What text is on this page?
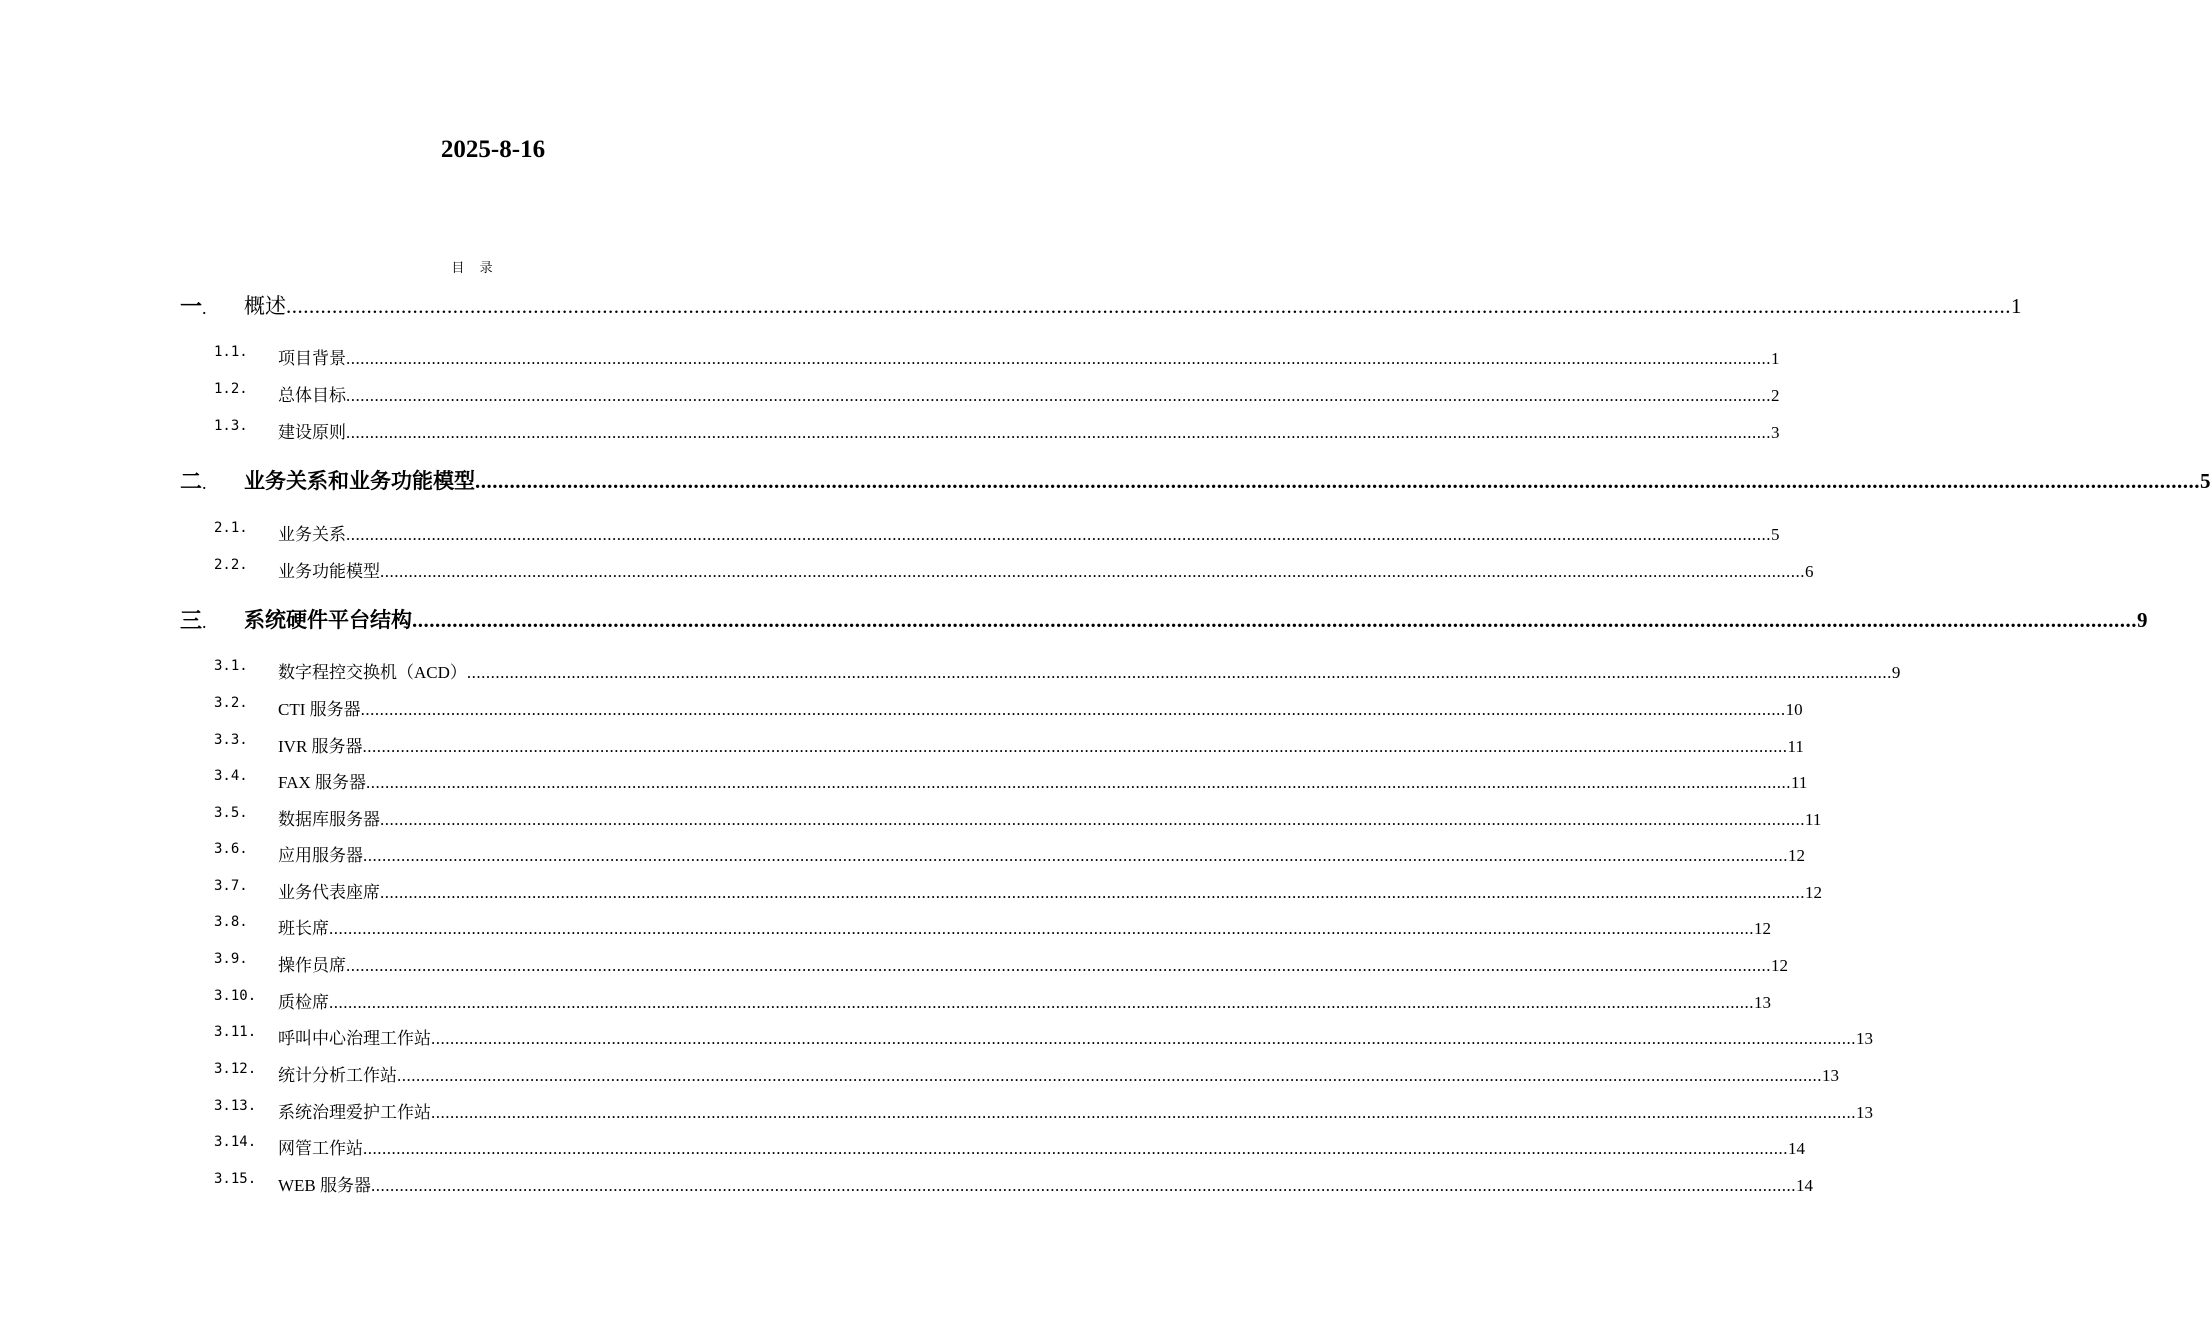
2025-8-16
目 录
一. 概述 ............................................................................................................................................................................................................................................................................................................ 1
1.1. 项目背景 ............................................................................................................................................................................................................................................................................................................ 1
1.2. 总体目标 ............................................................................................................................................................................................................................................................................................................ 2
1.3. 建设原则 ............................................................................................................................................................................................................................................................................................................ 3
二. 业务关系和业务功能模型 ............................................................................................................................................................................................................................................................................................................ 5
2.1. 业务关系 ............................................................................................................................................................................................................................................................................................................ 5
2.2. 业务功能模型 ............................................................................................................................................................................................................................................................................................................ 6
三. 系统硬件平台结构 ............................................................................................................................................................................................................................................................................................................ 9
3.1. 数字程控交换机（ACD） ............................................................................................................................................................................................................................................................................................................ 9
3.2. CTI 服务器 ............................................................................................................................................................................................................................................................................................................ 10
3.3. IVR 服务器 ............................................................................................................................................................................................................................................................................................................ 11
3.4. FAX 服务器 ............................................................................................................................................................................................................................................................................................................ 11
3.5. 数据库服务器 ............................................................................................................................................................................................................................................................................................................ 11
3.6. 应用服务器 ............................................................................................................................................................................................................................................................................................................ 12
3.7. 业务代表座席 ............................................................................................................................................................................................................................................................................................................ 12
3.8. 班长席 ............................................................................................................................................................................................................................................................................................................ 12
3.9. 操作员席 ............................................................................................................................................................................................................................................................................................................ 12
3.10. 质检席 ............................................................................................................................................................................................................................................................................................................ 13
3.11. 呼叫中心治理工作站 ............................................................................................................................................................................................................................................................................................................ 13
3.12. 统计分析工作站 ............................................................................................................................................................................................................................................................................................................ 13
3.13. 系统治理爱护工作站 ............................................................................................................................................................................................................................................................................................................ 13
3.14. 网管工作站 ............................................................................................................................................................................................................................................................................................................ 14
3.15. WEB 服务器 ............................................................................................................................................................................................................................................................................................................ 14
